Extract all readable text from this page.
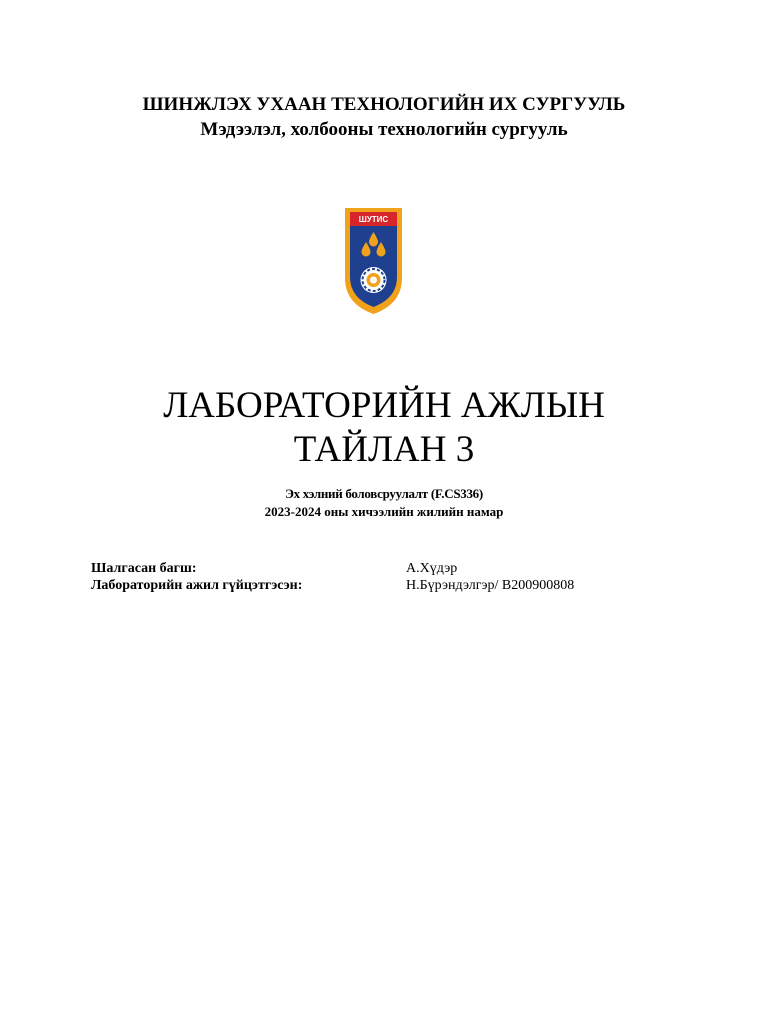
ШИНЖЛЭХ УХААН ТЕХНОЛОГИЙН ИХ СУРГУУЛЬ
Мэдээлэл, холбооны технологийн сургууль
ШУТИС
ЛАБОРАТОРИЙН АЖЛЫН
ТАЙЛАН 3
Эх хэлний боловсруулалт (F.CS336)
2023-2024 оны хичээлийн жилийн намар
Шалгасан багш:	А.Хүдэр
Лабораторийн ажил гүйцэтгэсэн:	Н.Бүрэндэлгэр/ B200900808
